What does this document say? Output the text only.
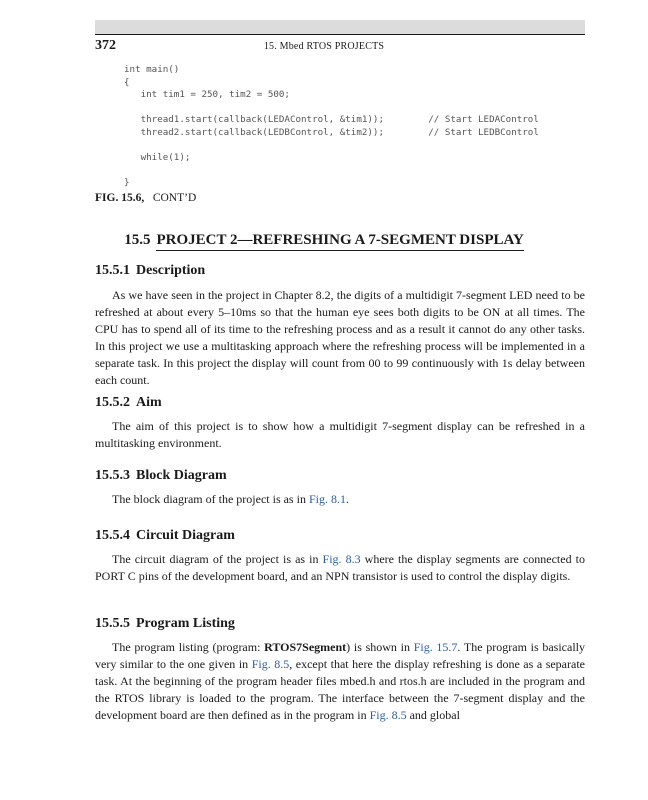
372	15. Mbed RTOS PROJECTS
int main()
{
int tim1 = 250, tim2 = 500;

thread1.start(callback(LEDAControl, &tim1));        // Start LEDAControl
thread2.start(callback(LEDBControl, &tim2));        // Start LEDBControl

while(1);

}

FIG. 15.6, CONT’D
15.5 PROJECT 2—REFRESHING A 7-SEGMENT DISPLAY
15.5.1 Description

As we have seen in the project in Chapter 8.2, the digits of a multidigit 7-segment LED need to be refreshed at about every 5–10ms so that the human eye sees both digits to be ON at all times. The CPU has to spend all of its time to the refreshing process and as a result it cannot do any other tasks. In this project we use a multitasking approach where the refreshing process will be implemented in a separate task. In this project the display will count from 00 to 99 continuously with 1s delay between each count.

15.5.2 Aim

The aim of this project is to show how a multidigit 7-segment display can be refreshed in a multitasking environment.

15.5.3 Block Diagram

The block diagram of the project is as in Fig. 8.1.

15.5.4 Circuit Diagram

The circuit diagram of the project is as in Fig. 8.3 where the display segments are connected to PORT C pins of the development board, and an NPN transistor is used to control the display digits.

15.5.5 Program Listing

The program listing (program: RTOS7Segment) is shown in Fig. 15.7. The program is basically very similar to the one given in Fig. 8.5, except that here the display refreshing is done as a separate task. At the beginning of the program header files mbed.h and rtos.h are included in the program and the RTOS library is loaded to the program. The interface between the 7-segment display and the development board are then defined as in the program in Fig. 8.5 and global
